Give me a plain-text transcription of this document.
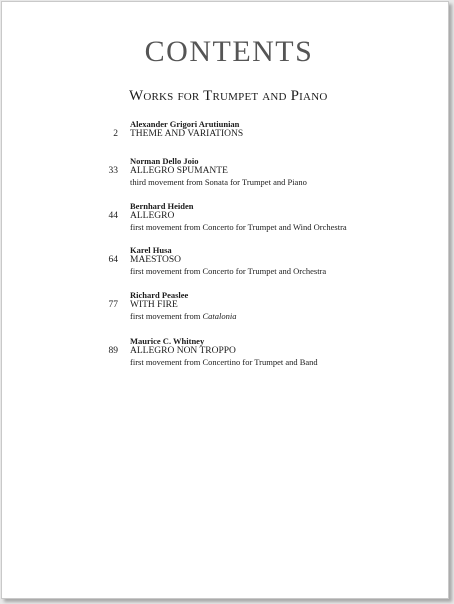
CONTENTS
Works for Trumpet and Piano
2
Alexander Grigori Arutiunian
THEME AND VARIATIONS
33
Norman Dello Joio
ALLEGRO SPUMANTE
third movement from Sonata for Trumpet and Piano
44
Bernhard Heiden
ALLEGRO
first movement from Concerto for Trumpet and Wind Orchestra
64
Karel Husa
MAESTOSO
first movement from Concerto for Trumpet and Orchestra
77
Richard Peaslee
WITH FIRE
first movement from Catalonia
89
Maurice C. Whitney
ALLEGRO NON TROPPO
first movement from Concertino for Trumpet and Band
